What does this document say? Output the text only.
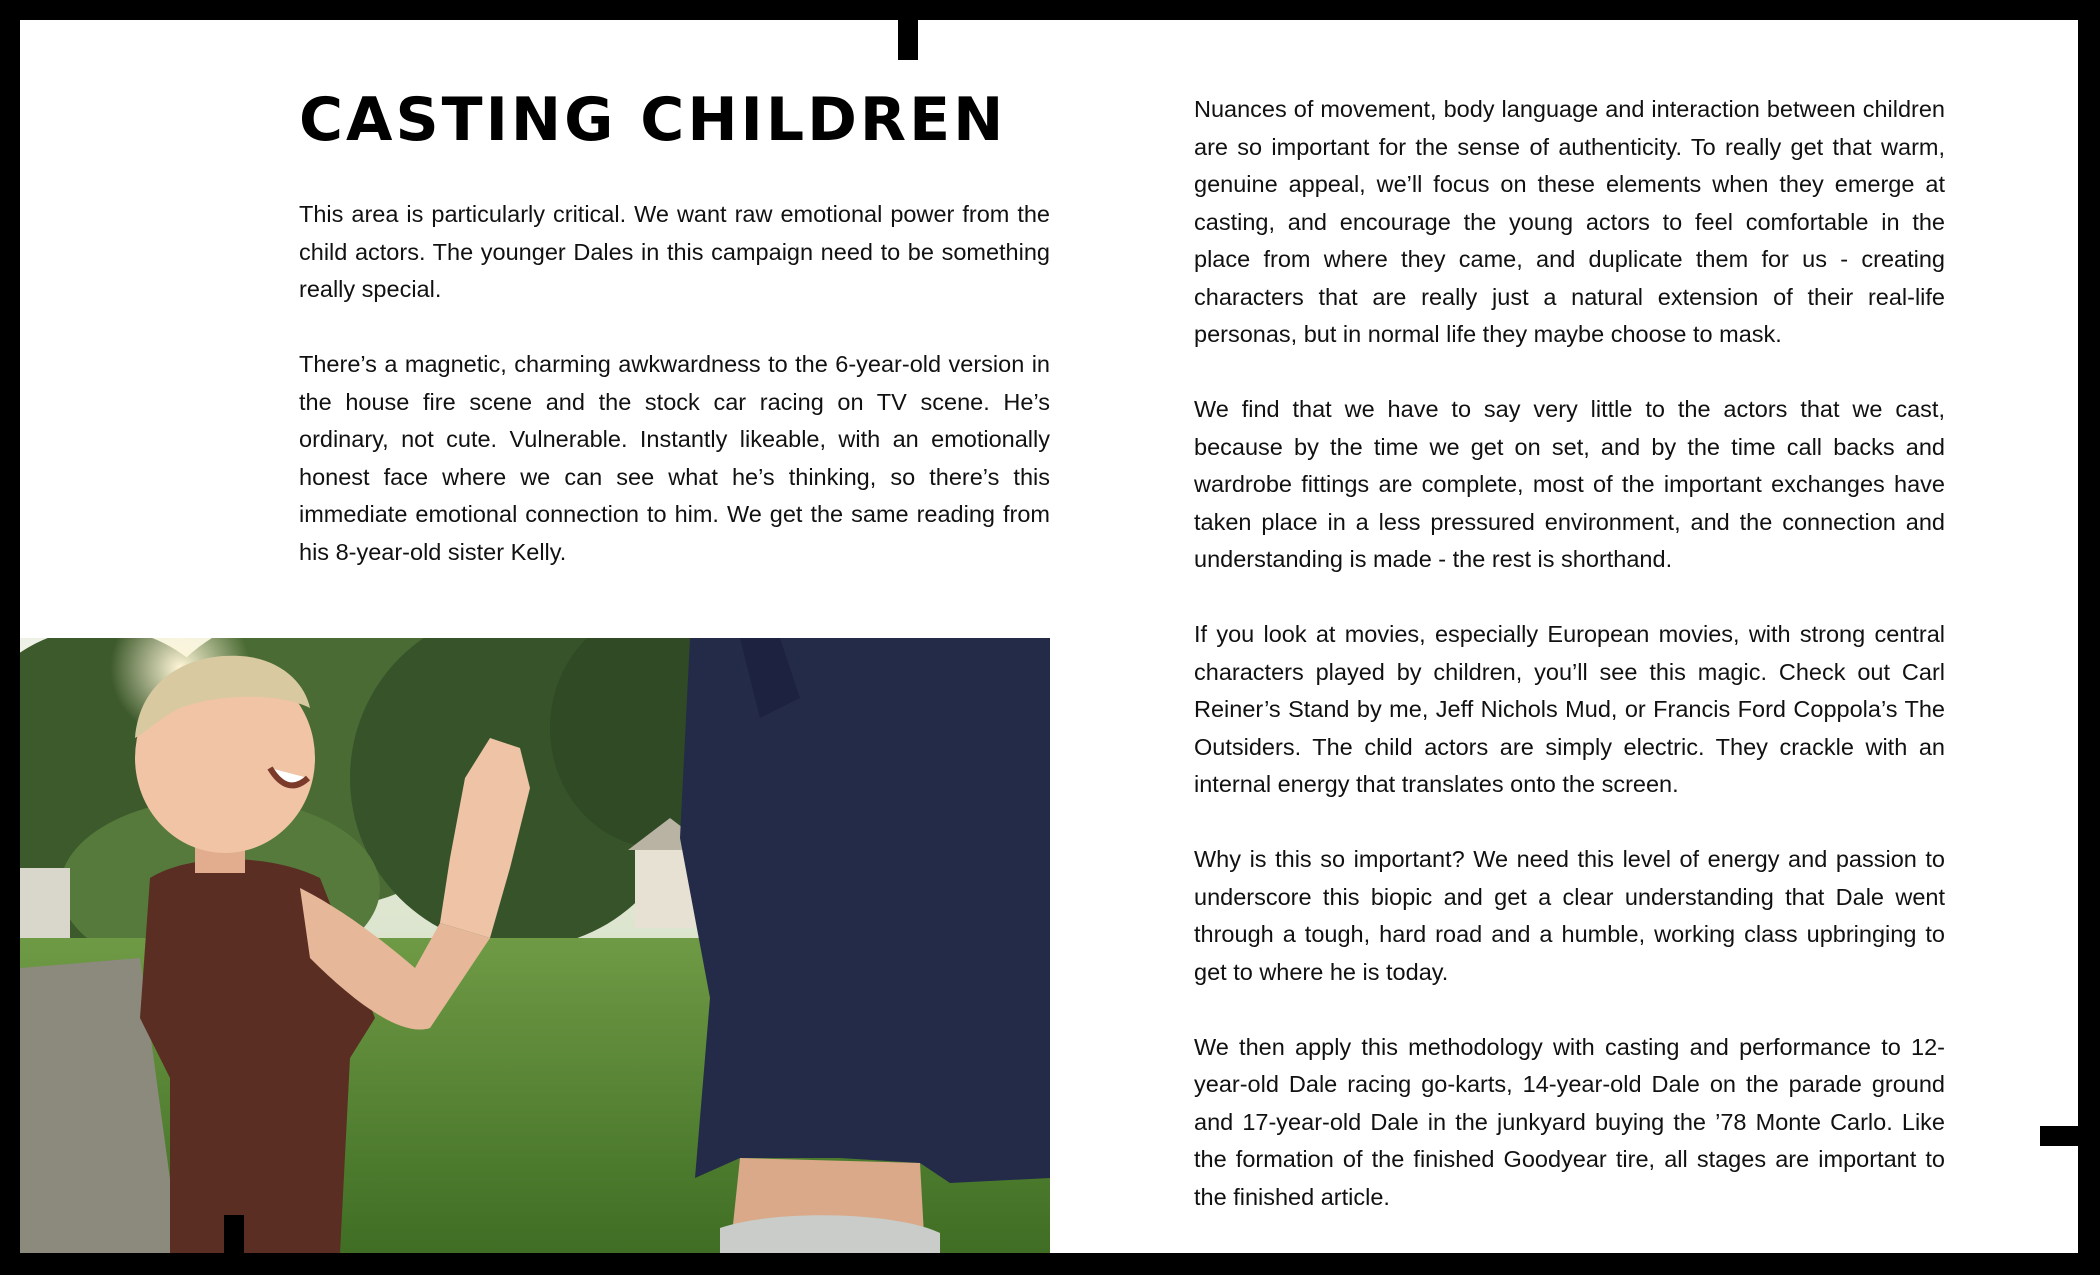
CASTING CHILDREN

This area is particularly critical. We want raw emotional power from the child actors. The younger Dales in this campaign need to be something really special.

There’s a magnetic, charming awkwardness to the 6-year-old version in the house fire scene and the stock car racing on TV scene. He’s ordinary, not cute. Vulnerable. Instantly likeable, with an emotionally honest face where we can see what he’s thinking, so there’s this immediate emotional connection to him. We get the same reading from his 8-year-old sister Kelly.

Nuances of movement, body language and interaction between children are so important for the sense of authenticity. To really get that warm, genuine appeal, we’ll focus on these elements when they emerge at casting, and encourage the young actors to feel comfortable in the place from where they came, and duplicate them for us - creating characters that are really just a natural extension of their real-life personas, but in normal life they maybe choose to mask.

We find that we have to say very little to the actors that we cast, because by the time we get on set, and by the time call backs and wardrobe fittings are complete, most of the important exchanges have taken place in a less pressured environment, and the connection and understanding is made - the rest is shorthand.

If you look at movies, especially European movies, with strong central characters played by children, you’ll see this magic. Check out Carl Reiner’s Stand by me, Jeff Nichols Mud, or Francis Ford Coppola’s The Outsiders. The child actors are simply electric. They crackle with an internal energy that translates onto the screen.

Why is this so important? We need this level of energy and passion to underscore this biopic and get a clear understanding that Dale went through a tough, hard road and a humble, working class upbringing to get to where he is today.

We then apply this methodology with casting and performance to 12-year-old Dale racing go-karts, 14-year-old Dale on the parade ground and 17-year-old Dale in the junkyard buying the ’78 Monte Carlo. Like the formation of the finished Goodyear tire, all stages are important to the finished article.
